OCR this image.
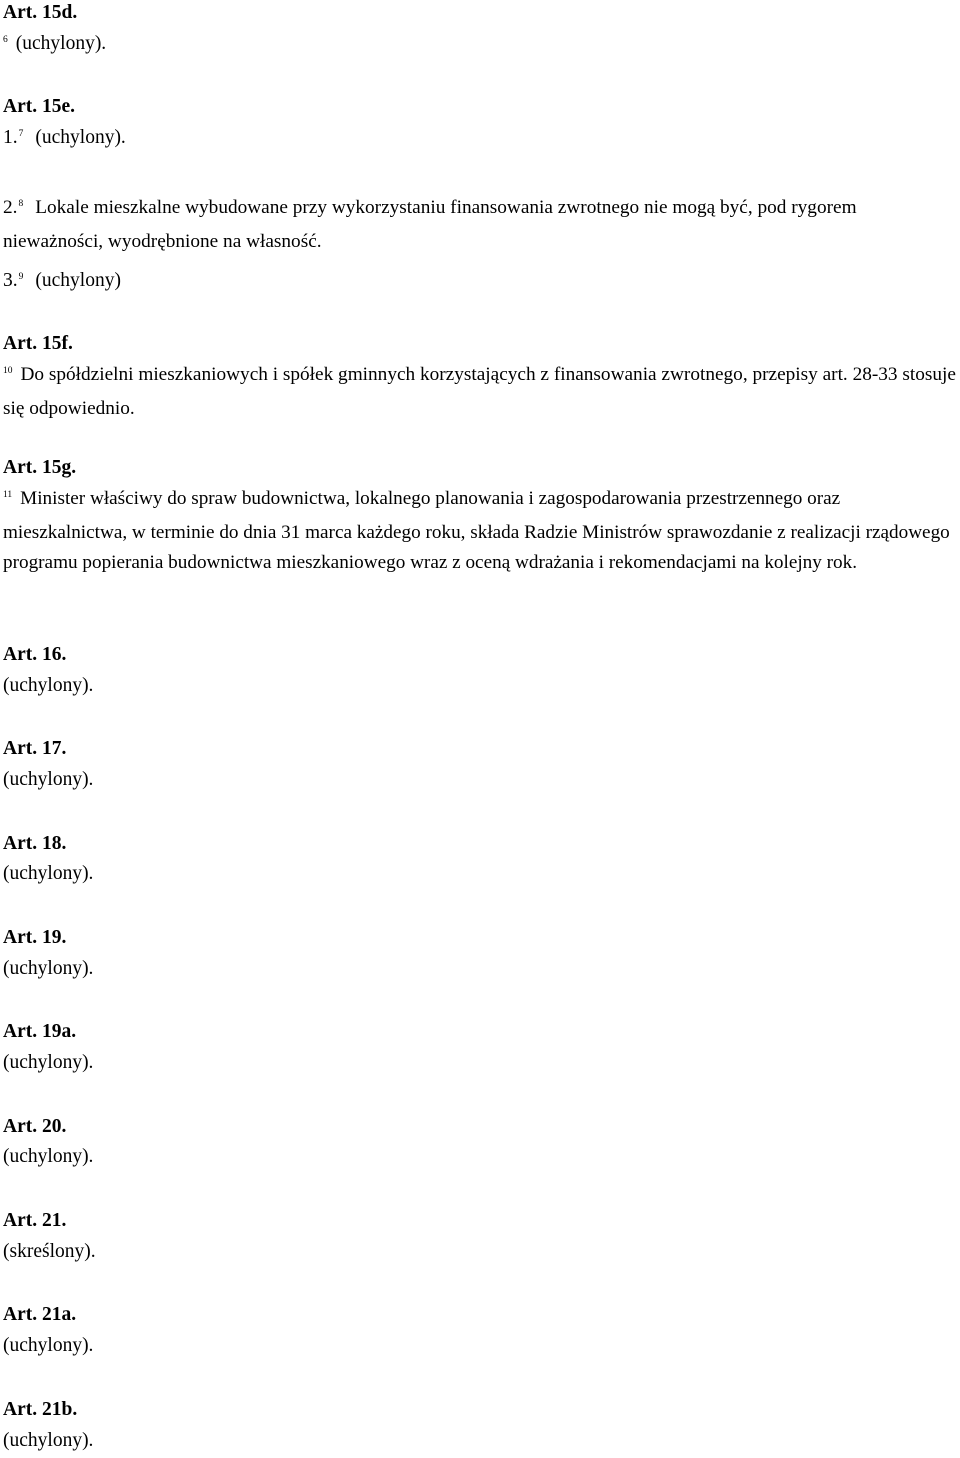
Art. 15d.
$^6$ (uchylony).
Art. 15e.
1.$^7$ (uchylony).
2.$^8$ Lokale mieszkalne wybudowane przy wykorzystaniu finansowania zwrotnego nie mogą być, pod rygorem nieważności, wyodrębnione na własność.
3.$^9$ (uchylony)
Art. 15f.
$^{10}$ Do spółdzielni mieszkaniowych i spółek gminnych korzystających z finansowania zwrotnego, przepisy art. 28-33 stosuje się odpowiednio.
Art. 15g.
$^{11}$ Minister właściwy do spraw budownictwa, lokalnego planowania i zagospodarowania przestrzennego oraz mieszkalnictwa, w terminie do dnia 31 marca każdego roku, składa Radzie Ministrów sprawozdanie z realizacji rządowego programu popierania budownictwa mieszkaniowego wraz z oceną wdrażania i rekomendacjami na kolejny rok.
Art. 16.
(uchylony).
Art. 17.
(uchylony).
Art. 18.
(uchylony).
Art. 19.
(uchylony).
Art. 19a.
(uchylony).
Art. 20.
(uchylony).
Art. 21.
(skreślony).
Art. 21a.
(uchylony).
Art. 21b.
(uchylony).
